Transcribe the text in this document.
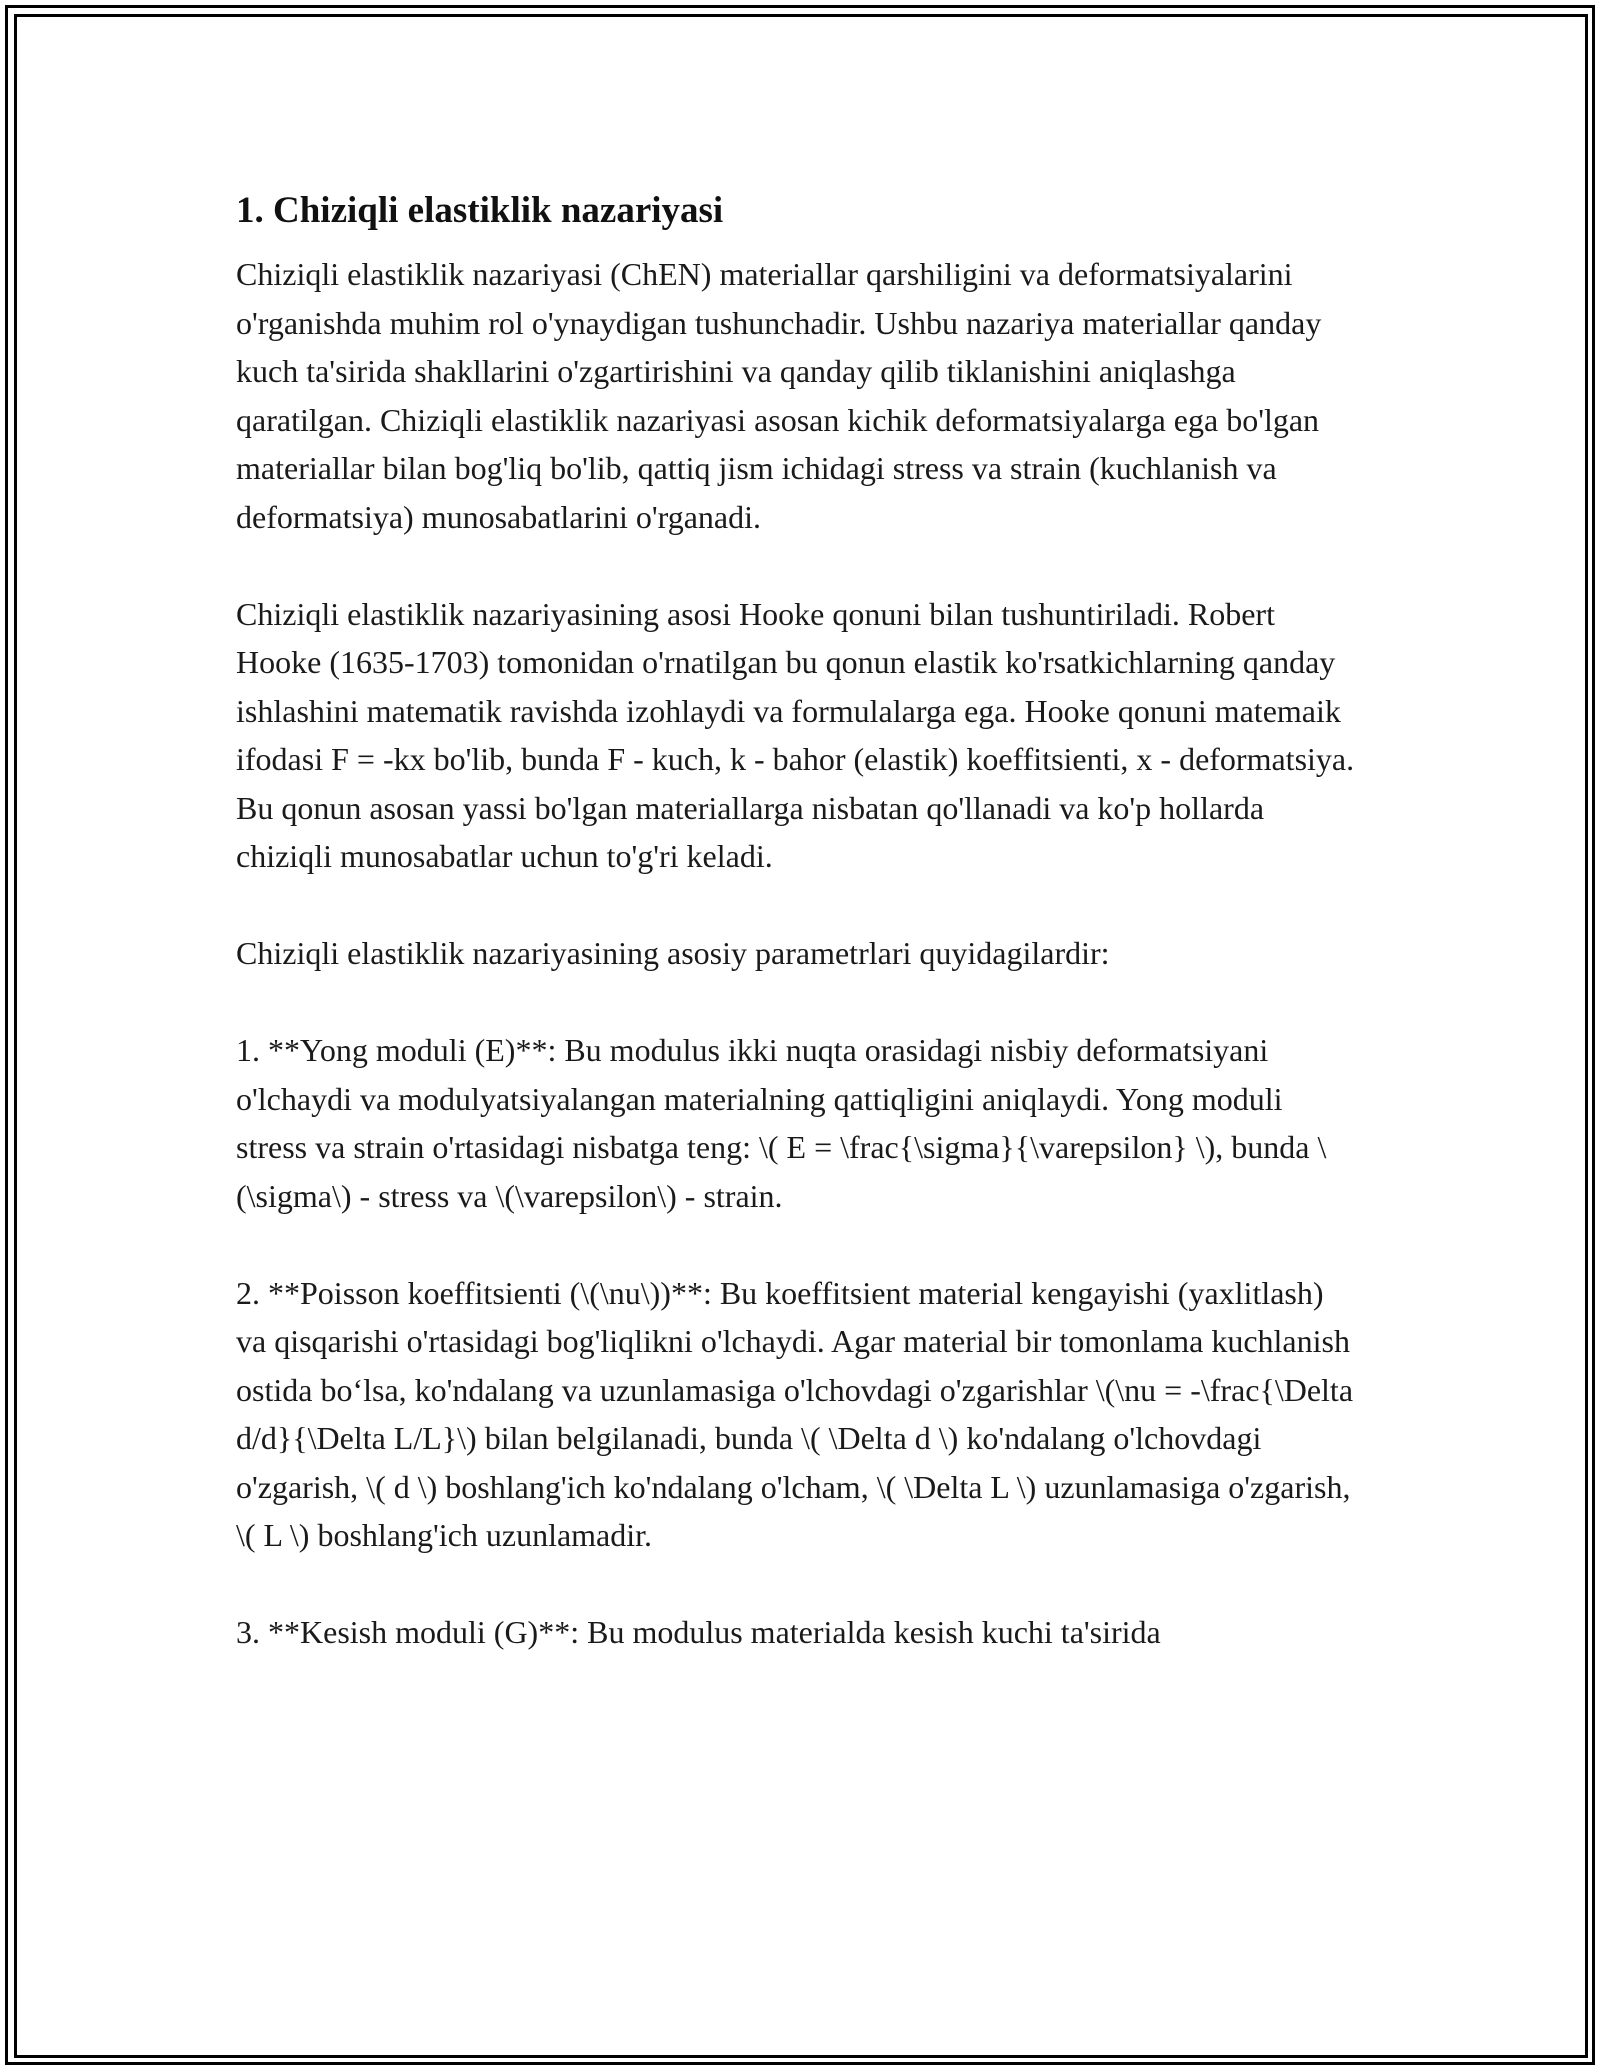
1. Chiziqli elastiklik nazariyasi

Chiziqli elastiklik nazariyasi (ChEN) materiallar qarshiligini va deformatsiyalarini o'rganishda muhim rol o'ynaydigan tushunchadir. Ushbu nazariya materiallar qanday kuch ta'sirida shakllarini o'zgartirishini va qanday qilib tiklanishini aniqlashga qaratilgan. Chiziqli elastiklik nazariyasi asosan kichik deformatsiyalarga ega bo'lgan materiallar bilan bog'liq bo'lib, qattiq jism ichidagi stress va strain (kuchlanish va deformatsiya) munosabatlarini o'rganadi.

Chiziqli elastiklik nazariyasining asosi Hooke qonuni bilan tushuntiriladi. Robert Hooke (1635-1703) tomonidan o'rnatilgan bu qonun elastik ko'rsatkichlarning qanday ishlashini matematik ravishda izohlaydi va formulalarga ega. Hooke qonuni matemaik ifodasi F = -kx bo'lib, bunda F - kuch, k - bahor (elastik) koeffitsienti, x - deformatsiya. Bu qonun asosan yassi bo'lgan materiallarga nisbatan qo'llanadi va ko'p hollarda chiziqli munosabatlar uchun to'g'ri keladi.

Chiziqli elastiklik nazariyasining asosiy parametrlari quyidagilardir:

1. **Yong moduli (E)**: Bu modulus ikki nuqta orasidagi nisbiy deformatsiyani o'lchaydi va modulyatsiyalangan materialning qattiqligini aniqlaydi. Yong moduli stress va strain o'rtasidagi nisbatga teng: \( E = \frac{\sigma}{\varepsilon} \), bunda \(\sigma\) - stress va \(\varepsilon\) - strain.

2. **Poisson koeffitsienti (\(\nu\))**: Bu koeffitsient material kengayishi (yaxlitlash) va qisqarishi o'rtasidagi bog'liqlikni o'lchaydi. Agar material bir tomonlama kuchlanish ostida bo‘lsa, ko'ndalang va uzunlamasiga o'lchovdagi o'zgarishlar \(\nu = -\frac{\Delta d/d}{\Delta L/L}\) bilan belgilanadi, bunda \( \Delta d \) ko'ndalang o'lchovdagi o'zgarish, \( d \) boshlang'ich ko'ndalang o'lcham, \( \Delta L \) uzunlamasiga o'zgarish, \( L \) boshlang'ich uzunlamadir.

3. **Kesish moduli (G)**: Bu modulus materialda kesish kuchi ta'sirida
